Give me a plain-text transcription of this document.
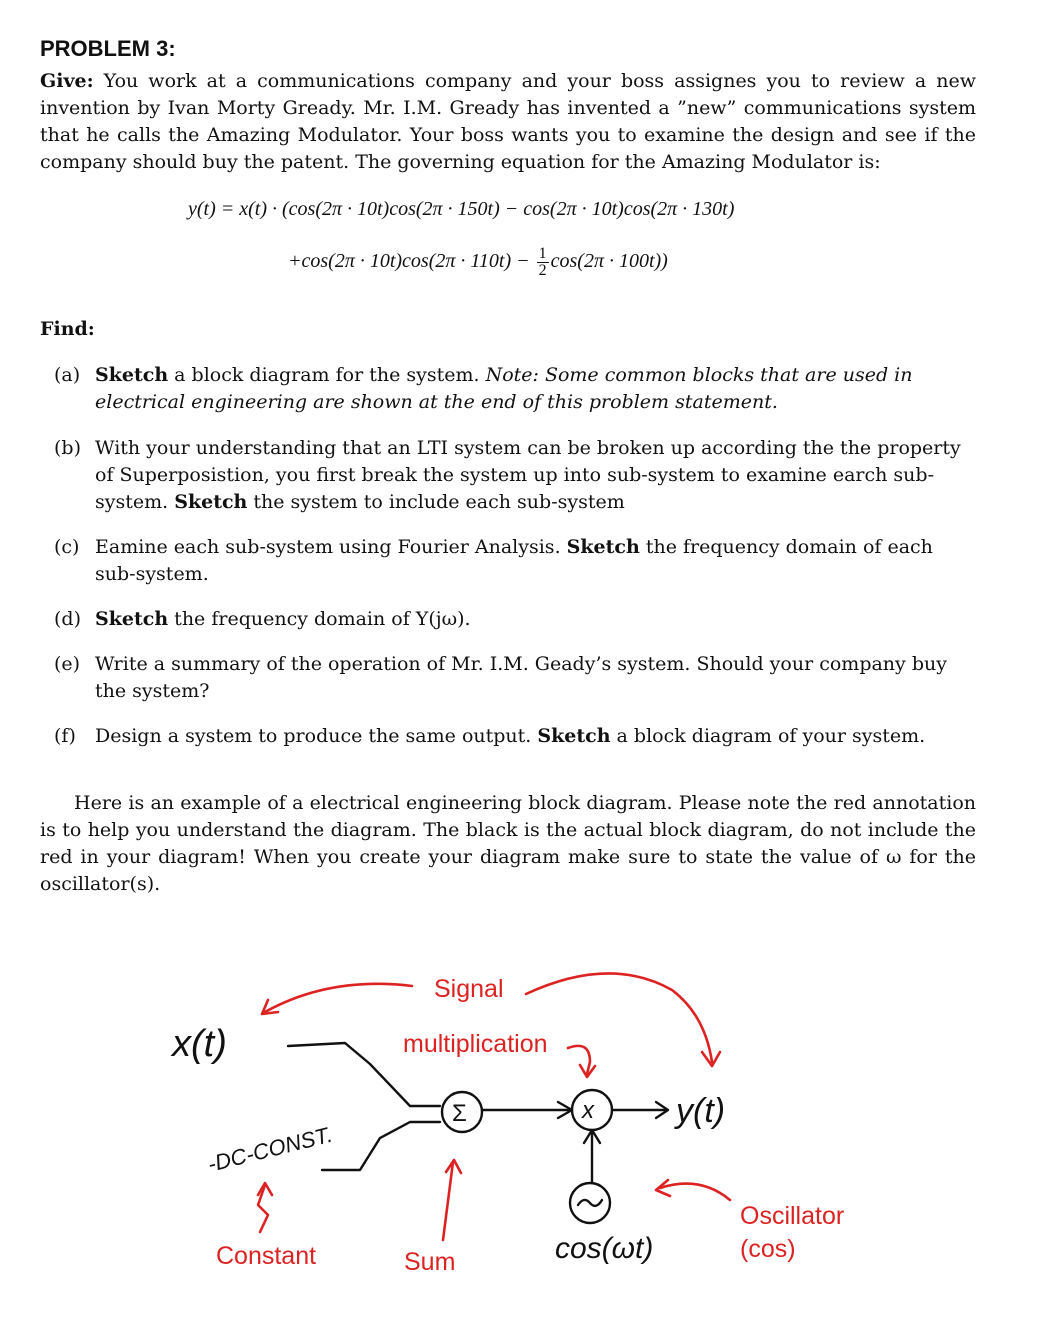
PROBLEM 3:

Give: You work at a communications company and your boss assignes you to review a new invention by Ivan Morty Gready. Mr. I.M. Gready has invented a ”new” communications system that he calls the Amazing Modulator. Your boss wants you to examine the design and see if the company should buy the patent. The governing equation for the Amazing Modulator is:

y(t) = x(t) · (cos(2π · 10t)cos(2π · 150t) − cos(2π · 10t)cos(2π · 130t)
$+\cos(2\pi \cdot 10t)\cos(2\pi \cdot 110t) - \frac{1}{2} \cos(2\pi \cdot 100t)$)
Find:
(a) Sketch a block diagram for the system. Note: Some common blocks that are used in electrical engineering are shown at the end of this problem statement.
(b) With your understanding that an LTI system can be broken up according the the property of Superposistion, you first break the system up into sub-system to examine earch sub-system. Sketch the system to include each sub-system
(c) Eamine each sub-system using Fourier Analysis. Sketch the frequency domain of each sub-system.
(d) Sketch the frequency domain of Y(jω).
(e) Write a summary of the operation of Mr. I.M. Geady’s system. Should your company buy the system?
(f) Design a system to produce the same output. Sketch a block diagram of your system.

Here is an example of a electrical engineering block diagram. Please note the red annotation is to help you understand the diagram. The black is the actual block diagram, do not include the red in your diagram! When you create your diagram make sure to state the value of ω for the oscillator(s).

Signal
multiplication
Oscillator
(cos)
Constant	Sum
x(t)
-DC-CONST.
Σ	x y(t)
cos(ωt)
